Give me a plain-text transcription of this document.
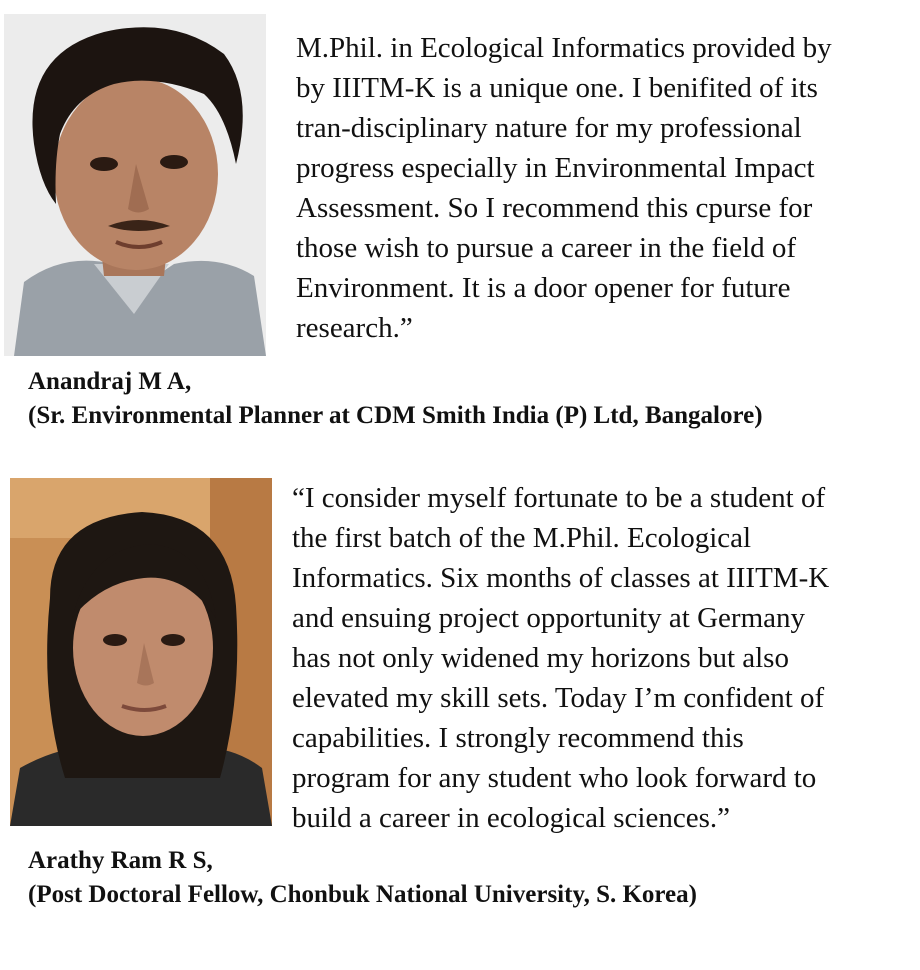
M.Phil. in Ecological Informatics provided by
by IIITM-K is a unique one. I benifited of its
tran-disciplinary nature for my professional
progress especially in Environmental Impact
Assessment. So I recommend this cpurse for
those wish to pursue a career in the field of
Environment. It is a door opener for future
research.”

Anandraj M A,
(Sr. Environmental Planner at CDM Smith India (P) Ltd, Bangalore)

“I consider myself fortunate to be a student of
the first batch of the M.Phil. Ecological
Informatics. Six months of classes at IIITM-K
and ensuing project opportunity at Germany
has not only widened my horizons but also
elevated my skill sets. Today I’m confident of
capabilities. I strongly recommend this
program for any student who look forward to
build a career in ecological sciences.”

Arathy Ram R S,
(Post Doctoral Fellow, Chonbuk National University, S. Korea)
